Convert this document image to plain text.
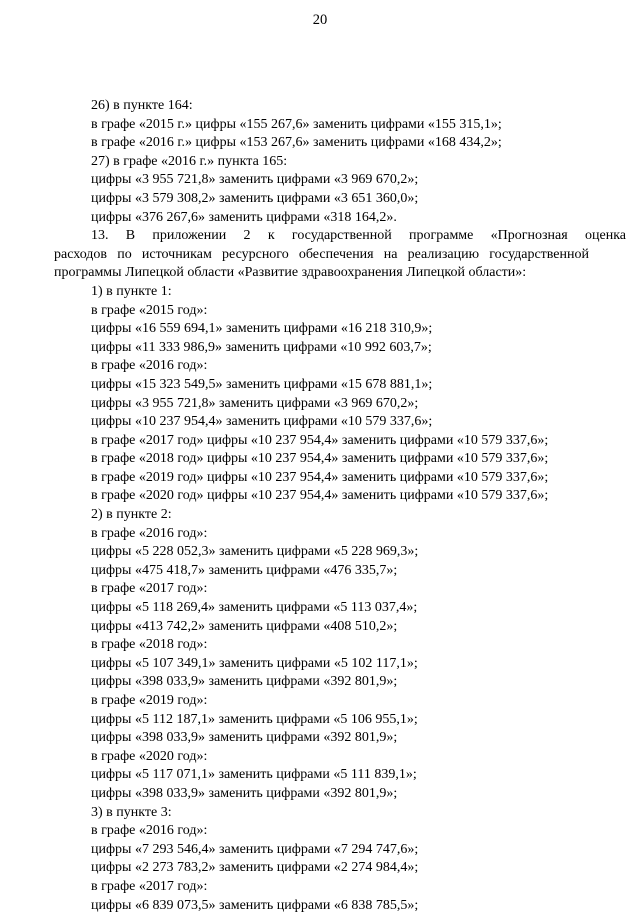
20
26) в пункте 164:
в графе «2015 г.» цифры «155 267,6» заменить цифрами «155 315,1»;
в графе «2016 г.» цифры «153 267,6» заменить цифрами «168 434,2»;
27) в графе «2016 г.» пункта 165:
цифры «3 955 721,8» заменить цифрами «3 969 670,2»;
цифры «3 579 308,2» заменить цифрами «3 651 360,0»;
цифры «376 267,6» заменить цифрами «318 164,2».
13. В приложении 2 к государственной программе «Прогнозная оценка
расходов по источникам ресурсного обеспечения на реализацию государственной
программы Липецкой области «Развитие здравоохранения Липецкой области»:
1) в пункте 1:
в графе «2015 год»:
цифры «16 559 694,1» заменить цифрами «16 218 310,9»;
цифры «11 333 986,9» заменить цифрами «10 992 603,7»;
в графе «2016 год»:
цифры «15 323 549,5» заменить цифрами «15 678 881,1»;
цифры «3 955 721,8» заменить цифрами «3 969 670,2»;
цифры «10 237 954,4» заменить цифрами «10 579 337,6»;
в графе «2017 год» цифры «10 237 954,4» заменить цифрами «10 579 337,6»;
в графе «2018 год» цифры «10 237 954,4» заменить цифрами «10 579 337,6»;
в графе «2019 год» цифры «10 237 954,4» заменить цифрами «10 579 337,6»;
в графе «2020 год» цифры «10 237 954,4» заменить цифрами «10 579 337,6»;
2) в пункте 2:
в графе «2016 год»:
цифры «5 228 052,3» заменить цифрами «5 228 969,3»;
цифры «475 418,7» заменить цифрами «476 335,7»;
в графе «2017 год»:
цифры «5 118 269,4» заменить цифрами «5 113 037,4»;
цифры «413 742,2» заменить цифрами «408 510,2»;
в графе «2018 год»:
цифры «5 107 349,1» заменить цифрами «5 102 117,1»;
цифры «398 033,9» заменить цифрами «392 801,9»;
в графе «2019 год»:
цифры «5 112 187,1» заменить цифрами «5 106 955,1»;
цифры «398 033,9» заменить цифрами «392 801,9»;
в графе «2020 год»:
цифры «5 117 071,1» заменить цифрами «5 111 839,1»;
цифры «398 033,9» заменить цифрами «392 801,9»;
3) в пункте 3:
в графе «2016 год»:
цифры «7 293 546,4» заменить цифрами «7 294 747,6»;
цифры «2 273 783,2» заменить цифрами «2 274 984,4»;
в графе «2017 год»:
цифры «6 839 073,5» заменить цифрами «6 838 785,5»;
